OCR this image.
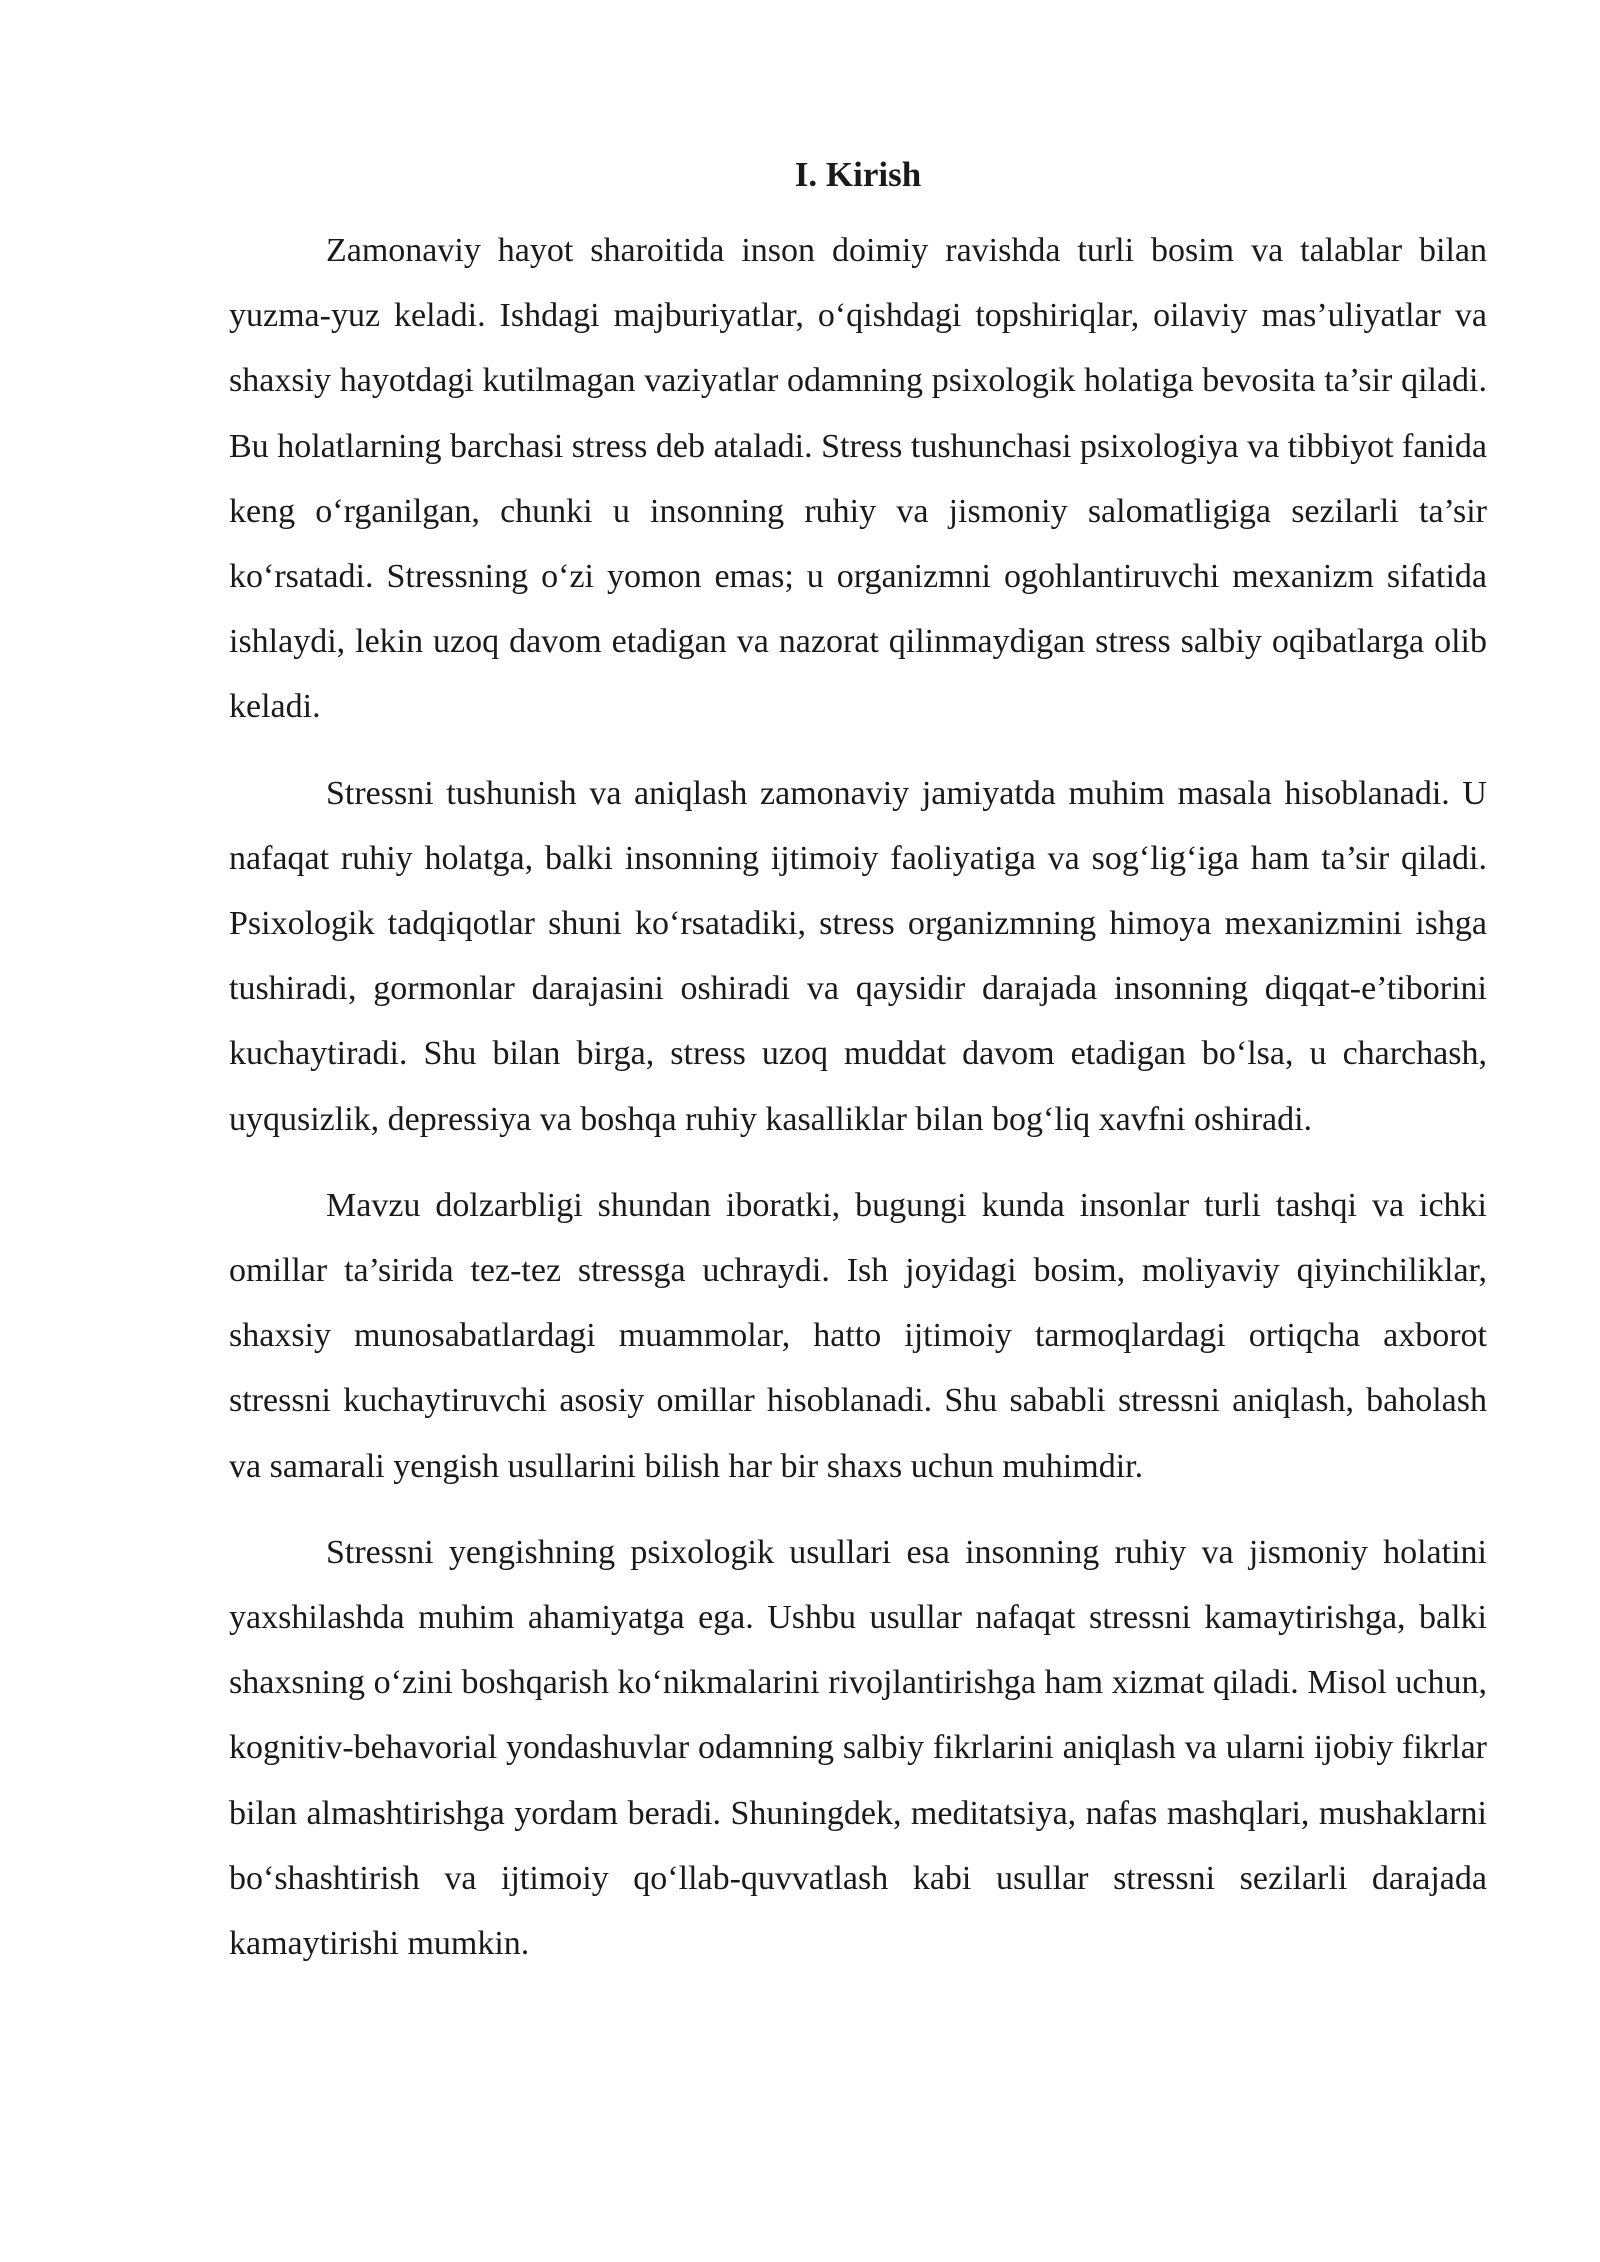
I. Kirish

Zamonaviy hayot sharoitida inson doimiy ravishda turli bosim va talablar bilan yuzma-yuz keladi. Ishdagi majburiyatlar, oʻqishdagi topshiriqlar, oilaviy mas’uliyatlar va shaxsiy hayotdagi kutilmagan vaziyatlar odamning psixologik holatiga bevosita ta’sir qiladi. Bu holatlarning barchasi stress deb ataladi. Stress tushunchasi psixologiya va tibbiyot fanida keng oʻrganilgan, chunki u insonning ruhiy va jismoniy salomatligiga sezilarli ta’sir koʻrsatadi. Stressning oʻzi yomon emas; u organizmni ogohlantiruvchi mexanizm sifatida ishlaydi, lekin uzoq davom etadigan va nazorat qilinmaydigan stress salbiy oqibatlarga olib keladi.

Stressni tushunish va aniqlash zamonaviy jamiyatda muhim masala hisoblanadi. U nafaqat ruhiy holatga, balki insonning ijtimoiy faoliyatiga va sogʻligʻiga ham ta’sir qiladi. Psixologik tadqiqotlar shuni koʻrsatadiki, stress organizmning himoya mexanizmini ishga tushiradi, gormonlar darajasini oshiradi va qaysidir darajada insonning diqqat-e’tiborini kuchaytiradi. Shu bilan birga, stress uzoq muddat davom etadigan boʻlsa, u charchash, uyqusizlik, depressiya va boshqa ruhiy kasalliklar bilan bogʻliq xavfni oshiradi.

Mavzu dolzarbligi shundan iboratki, bugungi kunda insonlar turli tashqi va ichki omillar ta’sirida tez-tez stressga uchraydi. Ish joyidagi bosim, moliyaviy qiyinchiliklar, shaxsiy munosabatlardagi muammolar, hatto ijtimoiy tarmoqlardagi ortiqcha axborot stressni kuchaytiruvchi asosiy omillar hisoblanadi. Shu sababli stressni aniqlash, baholash va samarali yengish usullarini bilish har bir shaxs uchun muhimdir.

Stressni yengishning psixologik usullari esa insonning ruhiy va jismoniy holatini yaxshilashda muhim ahamiyatga ega. Ushbu usullar nafaqat stressni kamaytirishga, balki shaxsning oʻzini boshqarish koʻnikmalarini rivojlantirishga ham xizmat qiladi. Misol uchun, kognitiv-behavorial yondashuvlar odamning salbiy fikrlarini aniqlash va ularni ijobiy fikrlar bilan almashtirishga yordam beradi. Shuningdek, meditatsiya, nafas mashqlari, mushaklarni boʻshashtirish va ijtimoiy qoʻllab-quvvatlash kabi usullar stressni sezilarli darajada kamaytirishi mumkin.
